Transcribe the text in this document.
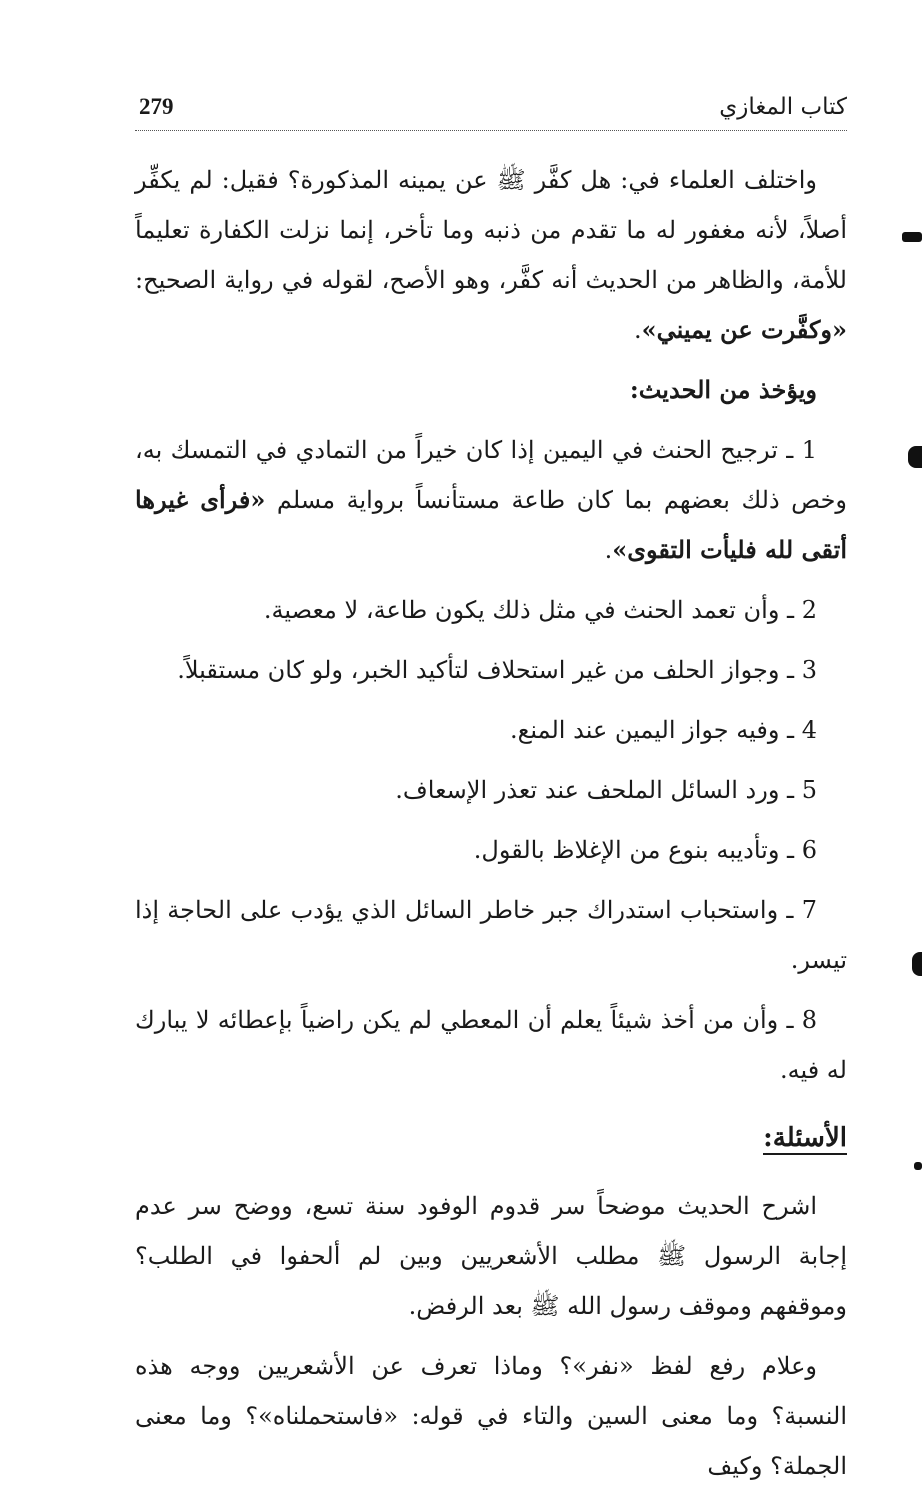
279	كتاب المغازي

واختلف العلماء في: هل كفَّر ﷺ عن يمينه المذكورة؟ فقيل: لم يكفِّر أصلاً، لأنه مغفور له ما تقدم من ذنبه وما تأخر، إنما نزلت الكفارة تعليماً للأمة، والظاهر من الحديث أنه كفَّر، وهو الأصح، لقوله في رواية الصحيح: «وكفَّرت عن يميني».

ويؤخذ من الحديث:

1 ـ ترجيح الحنث في اليمين إذا كان خيراً من التمادي في التمسك به، وخص ذلك بعضهم بما كان طاعة مستأنساً برواية مسلم «فرأى غيرها أتقى لله فليأت التقوى».

2 ـ وأن تعمد الحنث في مثل ذلك يكون طاعة، لا معصية.

3 ـ وجواز الحلف من غير استحلاف لتأكيد الخبر، ولو كان مستقبلاً.

4 ـ وفيه جواز اليمين عند المنع.

5 ـ ورد السائل الملحف عند تعذر الإسعاف.

6 ـ وتأديبه بنوع من الإغلاظ بالقول.

7 ـ واستحباب استدراك جبر خاطر السائل الذي يؤدب على الحاجة إذا تيسر.

8 ـ وأن من أخذ شيئاً يعلم أن المعطي لم يكن راضياً بإعطائه لا يبارك له فيه.

الأسئلة:

اشرح الحديث موضحاً سر قدوم الوفود سنة تسع، ووضح سر عدم إجابة الرسول ﷺ مطلب الأشعريين وبين لم ألحفوا في الطلب؟ وموقفهم وموقف رسول الله ﷺ بعد الرفض.

وعلام رفع لفظ «نفر»؟ وماذا تعرف عن الأشعريين ووجه هذه النسبة؟ وما معنى السين والتاء في قوله: «فاستحملناه»؟ وما معنى الجملة؟ وكيف
